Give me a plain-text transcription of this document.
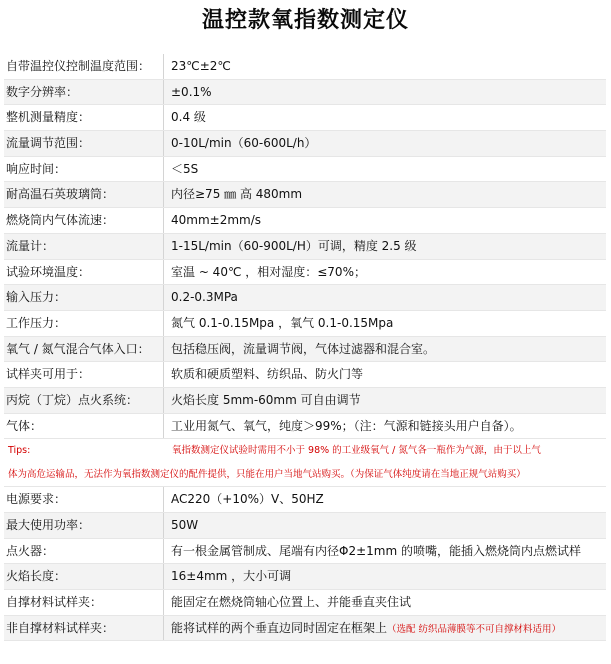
温控款氧指数测定仪
自带温控仪控制温度范围：	23℃±2℃
数字分辨率：	±0.1%
整机测量精度：	0.4 级
流量调节范围：	0-10L/min（60-600L/h）
响应时间：	＜5S
耐高温石英玻璃筒：	内径≥75 ㎜ 高 480mm
燃烧筒内气体流速：	40mm±2mm/s
流量计：	1-15L/min（60-900L/H）可调，精度 2.5 级
试验环境温度：	室温 ~ 40℃ ，相对湿度：≤70%；
输入压力：	0.2-0.3MPa
工作压力：	氮气 0.1-0.15Mpa ，氧气 0.1-0.15Mpa
氧气 / 氮气混合气体入口：	包括稳压阀，流量调节阀，气体过滤器和混合室。
试样夹可用于：	软质和硬质塑料、纺织品、防火门等
丙烷（丁烷）点火系统：	火焰长度 5mm-60mm 可自由调节
气体：	工业用氮气、氧气，纯度＞99%；（注：气源和链接头用户自备）。
Tips:	氧指数测定仪试验时需用不小于 98% 的工业级氧气 / 氮气各一瓶作为气源，由于以上气
体为高危运输品，无法作为氧指数测定仪的配件提供，只能在用户当地气站购买。（为保证气体纯度请在当地正规气站购买）
电源要求：	AC220（+10%）V、50HZ
最大使用功率：	50W
点火器：	有一根金属管制成、尾端有内径Φ2±1mm 的喷嘴，能插入燃烧筒内点燃试样
火焰长度：	16±4mm ，大小可调
自撑材料试样夹：	能固定在燃烧筒轴心位置上、并能垂直夹住试
非自撑材料试样夹：	能将试样的两个垂直边同时固定在框架上（选配 纺织品薄膜等不可自撑材料适用）
